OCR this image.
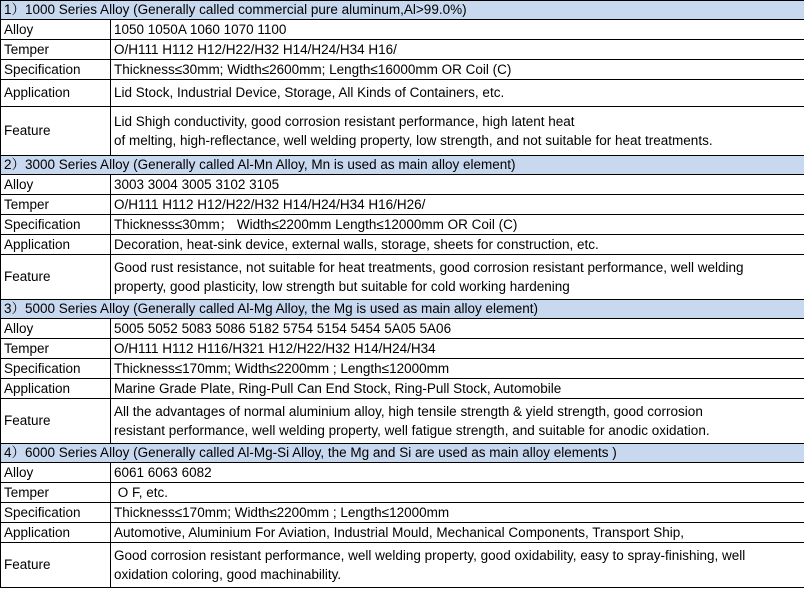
1）1000 Series Alloy (Generally called commercial pure aluminum,Al>99.0%)	
Alloy	1050 1050A 1060 1070 1100
Temper	O/H111 H112 H12/H22/H32 H14/H24/H34 H16/
Specification	Thickness≤30mm; Width≤2600mm; Length≤16000mm OR Coil (C)
Application	Lid Stock, Industrial Device, Storage, All Kinds of Containers, etc.
Feature	Lid Shigh conductivity, good corrosion resistant performance, high latent heat
of melting, high-reflectance, well welding property, low strength, and not suitable for heat treatments.

2）3000 Series Alloy (Generally called Al-Mn Alloy, Mn is used as main alloy element)	
Alloy	3003 3004 3005 3102 3105
Temper	O/H111 H112 H12/H22/H32 H14/H24/H34 H16/H26/
Specification	Thickness≤30mm； Width≤2200mm Length≤12000mm OR Coil (C)
Application	Decoration, heat-sink device, external walls, storage, sheets for construction, etc.
Feature	Good rust resistance, not suitable for heat treatments, good corrosion resistant performance, well welding
property, good plasticity, low strength but suitable for cold working hardening

3）5000 Series Alloy (Generally called Al-Mg Alloy, the Mg is used as main alloy element)	
Alloy	5005 5052 5083 5086 5182 5754 5154 5454 5A05 5A06
Temper	O/H111 H112 H116/H321 H12/H22/H32 H14/H24/H34
Specification	Thickness≤170mm; Width≤2200mm ; Length≤12000mm
Application	Marine Grade Plate, Ring-Pull Can End Stock, Ring-Pull Stock, Automobile
Feature	All the advantages of normal aluminium alloy, high tensile strength & yield strength, good corrosion
resistant performance, well welding property, well fatigue strength, and suitable for anodic oxidation.

4）6000 Series Alloy (Generally called Al-Mg-Si Alloy, the Mg and Si are used as main alloy elements )	
Alloy	6061 6063 6082
Temper	O F, etc.
Specification	Thickness≤170mm; Width≤2200mm ; Length≤12000mm
Application	Automotive, Aluminium For Aviation, Industrial Mould, Mechanical Components, Transport Ship,
Feature	Good corrosion resistant performance, well welding property, good oxidability, easy to spray-finishing, well
oxidation coloring, good machinability.
